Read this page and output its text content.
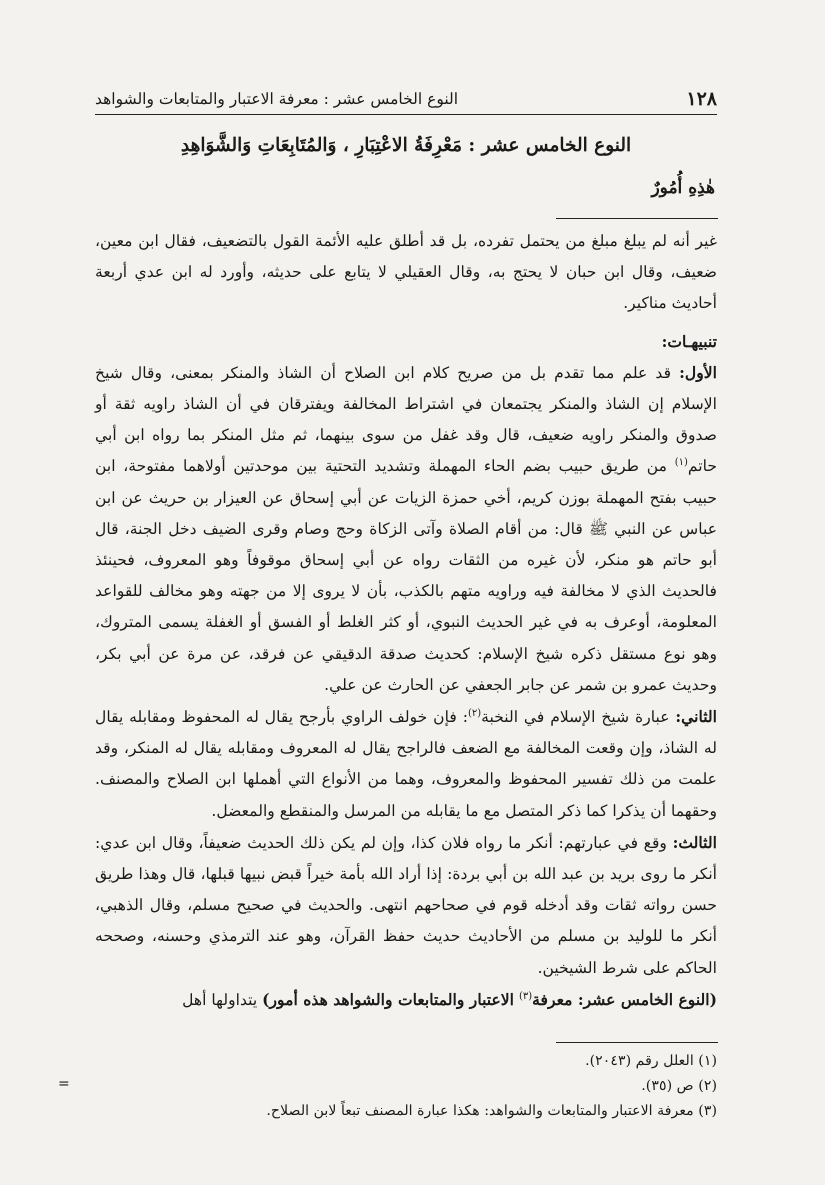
١٢٨
النوع الخامس عشر : معرفة الاعتبار والمتابعات والشواهد
النوع الخامس عشر : مَعْرِفَةُ الاعْتِبَارِ ، وَالمُتَابِعَاتِ وَالشَّوَاهِدِ
هٰذِهِ أُمُورٌ

غير أنه لم يبلغ مبلغ من يحتمل تفرده، بل قد أطلق عليه الأئمة القول بالتضعيف، فقال ابن معين، ضعيف، وقال ابن حبان لا يحتج به، وقال العقيلي لا يتابع على حديثه، وأورد له ابن عدي أربعة أحاديث مناكير.

تنبيهـات:

الأول: قد علم مما تقدم بل من صريح كلام ابن الصلاح أن الشاذ والمنكر بمعنى، وقال شيخ الإسلام إن الشاذ والمنكر يجتمعان في اشتراط المخالفة ويفترقان في أن الشاذ راويه ثقة أو صدوق والمنكر راويه ضعيف، قال وقد غفل من سوى بينهما، ثم مثل المنكر بما رواه ابن أبي حاتم$^{(١)}$ من طريق حبيب بضم الحاء المهملة وتشديد التحتية بين موحدتين أولاهما مفتوحة، ابن حبيب بفتح المهملة بوزن كريم، أخي حمزة الزيات عن أبي إسحاق عن العيزار بن حريث عن ابن عباس عن النبي ﷺ قال: من أقام الصلاة وآتى الزكاة وحج وصام وقرى الضيف دخل الجنة، قال أبو حاتم هو منكر، لأن غيره من الثقات رواه عن أبي إسحاق موقوفاً وهو المعروف، فحينئذ فالحديث الذي لا مخالفة فيه وراويه متهم بالكذب، بأن لا يروى إلا من جهته وهو مخالف للقواعد المعلومة، أوعرف به في غير الحديث النبوي، أو كثر الغلط أو الفسق أو الغفلة يسمى المتروك، وهو نوع مستقل ذكره شيخ الإسلام: كحديث صدقة الدقيقي عن فرقد، عن مرة عن أبي بكر، وحديث عمرو بن شمر عن جابر الجعفي عن الحارث عن علي.

الثاني: عبارة شيخ الإسلام في النخبة$^{(٢)}$: فإن خولف الراوي بأرجح يقال له المحفوظ ومقابله يقال له الشاذ، وإن وقعت المخالفة مع الضعف فالراجح يقال له المعروف ومقابله يقال له المنكر، وقد علمت من ذلك تفسير المحفوظ والمعروف، وهما من الأنواع التي أهملها ابن الصلاح والمصنف. وحقهما أن يذكرا كما ذكر المتصل مع ما يقابله من المرسل والمنقطع والمعضل.

الثالث: وقع في عبارتهم: أنكر ما رواه فلان كذا، وإن لم يكن ذلك الحديث ضعيفاً، وقال ابن عدي: أنكر ما روى بريد بن عبد الله بن أبي بردة: إذا أراد الله بأمة خيراً قبض نبيها قبلها، قال وهذا طريق حسن رواته ثقات وقد أدخله قوم في صحاحهم انتهى. والحديث في صحيح مسلم، وقال الذهبي، أنكر ما للوليد بن مسلم من الأحاديث حديث حفظ القرآن، وهو عند الترمذي وحسنه، وصححه الحاكم على شرط الشيخين.

(النوع الخامس عشر: معرفة$^{(٣)}$ الاعتبار والمتابعات والشواهد هذه أمور) يتداولها أهل

(١) العلل رقم (٢٠٤٣).
(٢) ص (٣٥).
(٣) معرفة الاعتبار والمتابعات والشواهد: هكذا عبارة المصنف تبعاً لابن الصلاح.
=
